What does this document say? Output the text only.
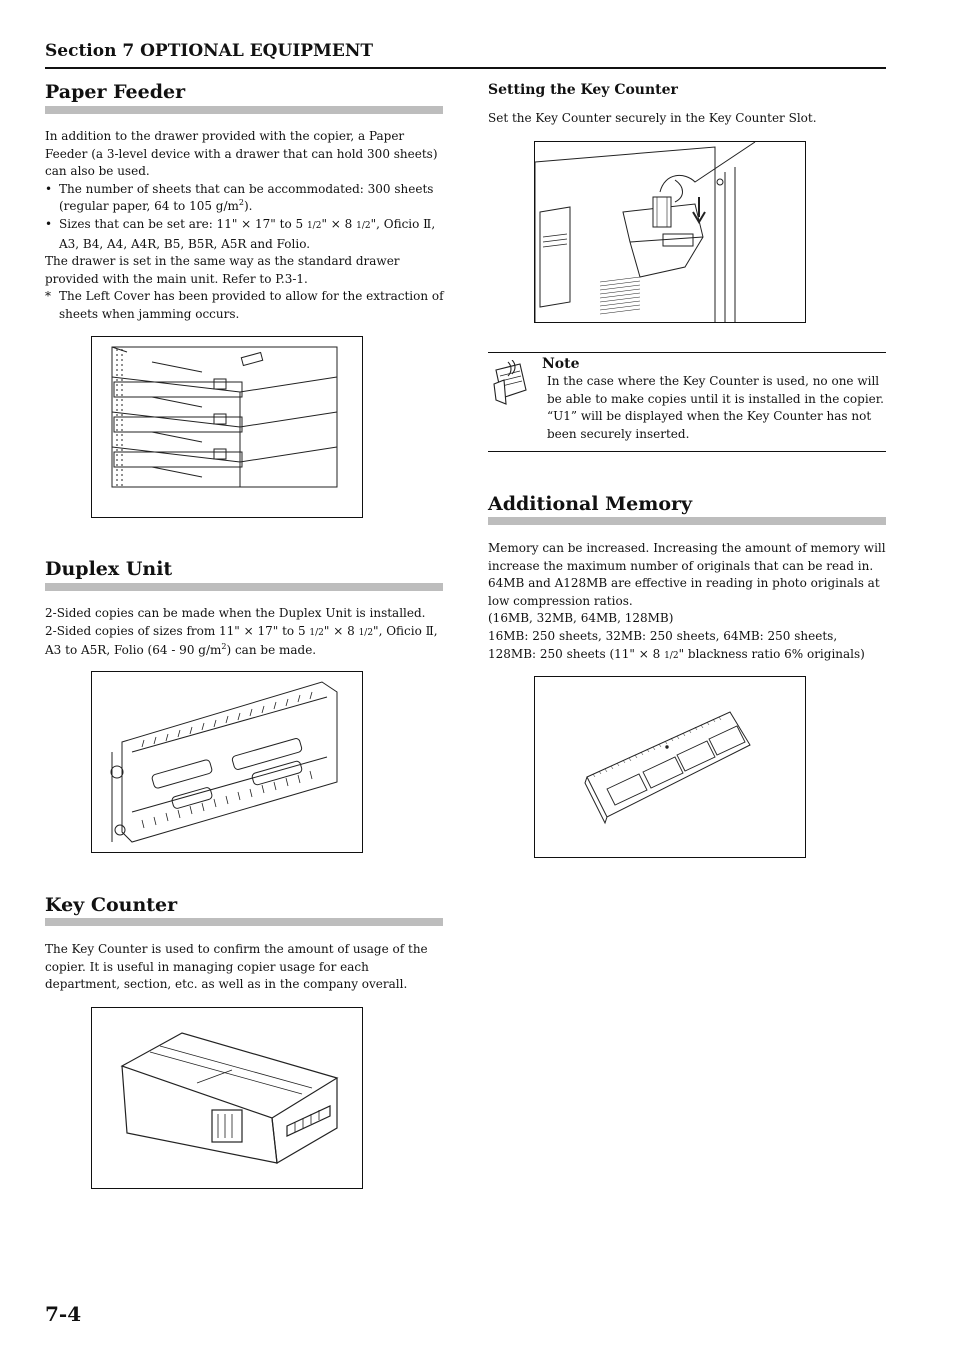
Section 7 OPTIONAL EQUIPMENT
Paper Feeder

In addition to the drawer provided with the copier, a Paper Feeder (a 3-level device with a drawer that can hold 300 sheets) can also be used.

• The number of sheets that can be accommodated: 300 sheets (regular paper, 64 to 105 $g/m^2$).
• Sizes that can be set are: 11" × 17" to 5 1/2" × 8 1/2", Oficio Ⅱ, A3, B4, A4, A4R, B5, B5R, A5R and Folio.

The drawer is set in the same way as the standard drawer provided with the main unit. Refer to P.3-1.

* The Left Cover has been provided to allow for the extraction of sheets when jamming occurs.
Duplex Unit

2-Sided copies can be made when the Duplex Unit is installed.

2-Sided copies of sizes from 11" × 17" to 5 1/2" × 8 1/2", Oficio Ⅱ, A3 to A5R, Folio (64 - 90 $g/m^2$) can be made.

Key Counter

The Key Counter is used to confirm the amount of usage of the copier. It is useful in managing copier usage for each department, section, etc. as well as in the company overall.

Setting the Key Counter

Set the Key Counter securely in the Key Counter Slot.

Note

In the case where the Key Counter is used, no one will be able to make copies until it is installed in the copier. “U1” will be displayed when the Key Counter has not been securely inserted.

Additional Memory

Memory can be increased. Increasing the amount of memory will increase the maximum number of originals that can be read in. 64MB and A128MB are effective in reading in photo originals at low compression ratios.

(16MB, 32MB, 64MB, 128MB)

16MB: 250 sheets, 32MB: 250 sheets, 64MB: 250 sheets, 128MB: 250 sheets (11" × 8 1/2" blackness ratio 6% originals)

7-4
